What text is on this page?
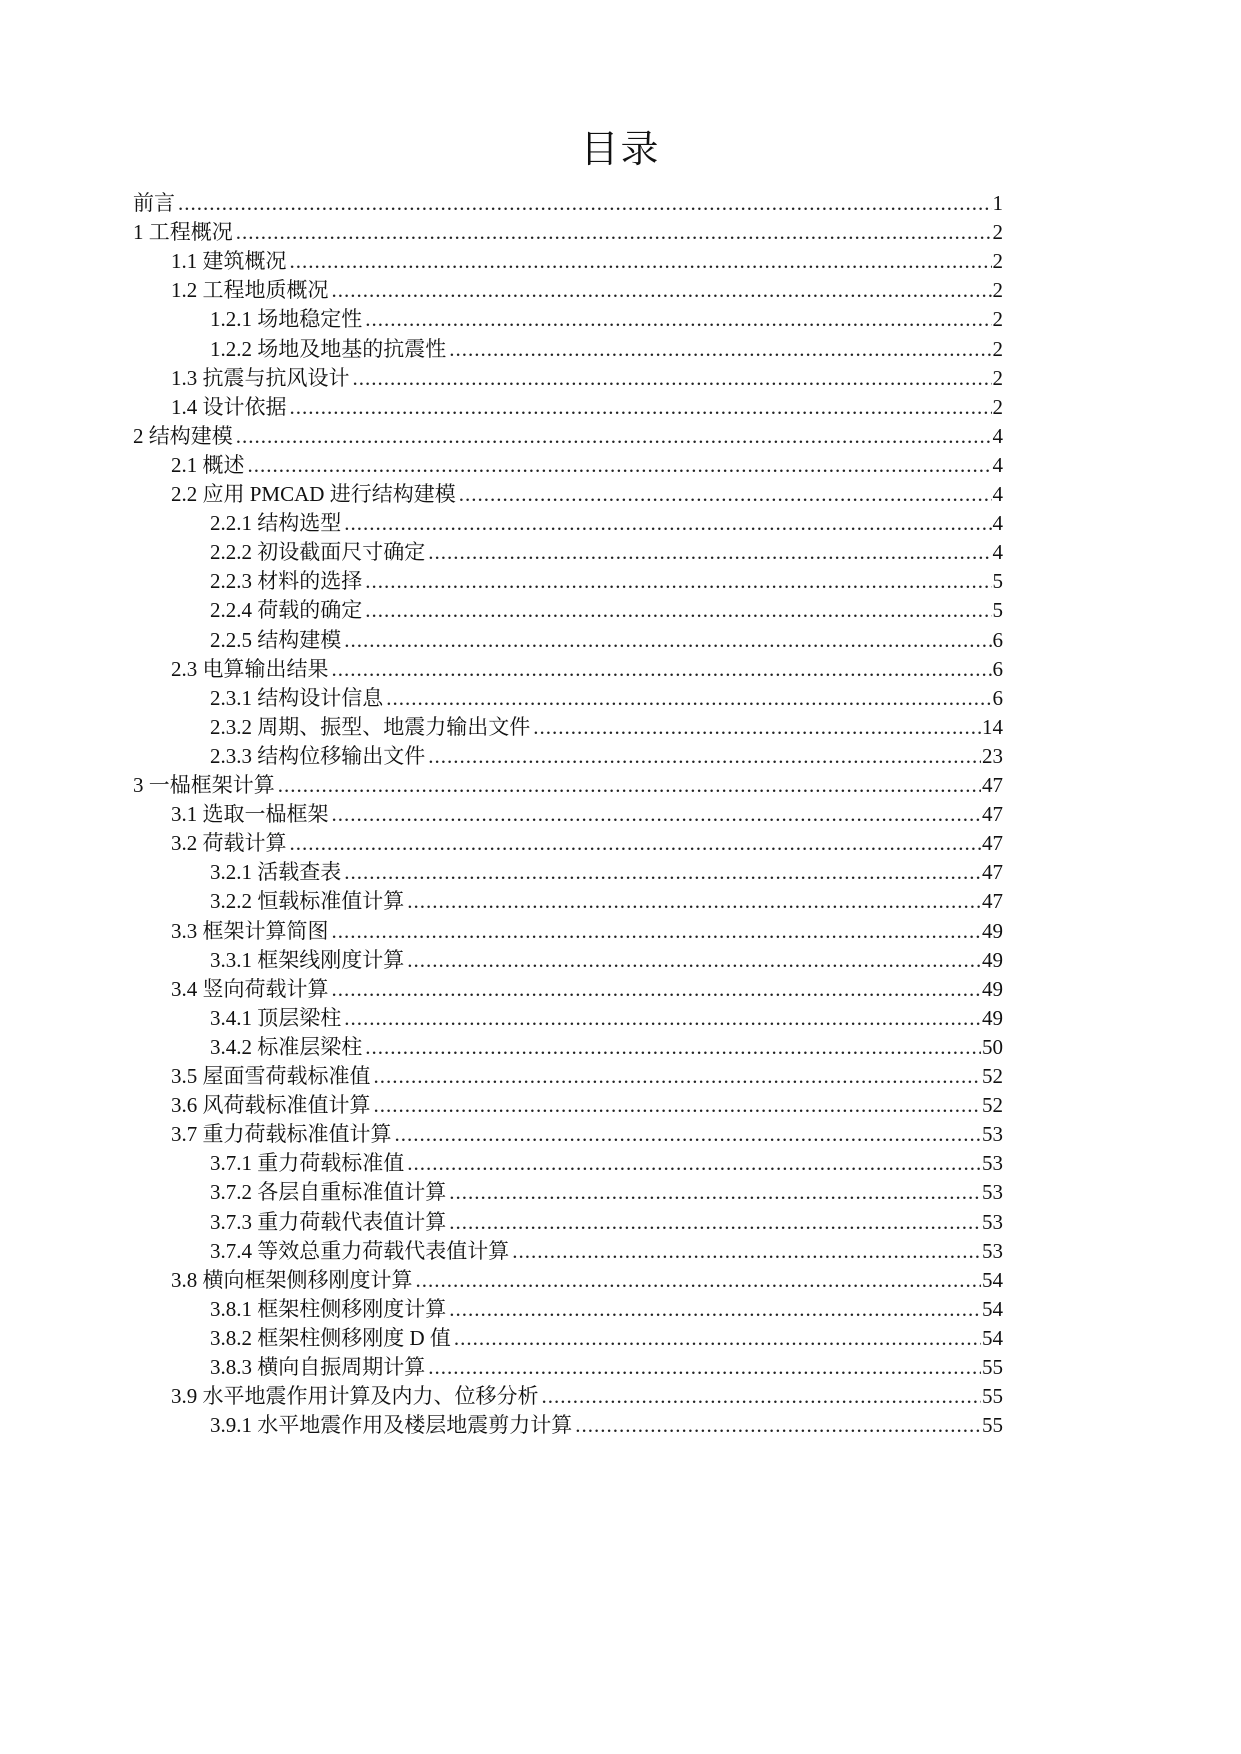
目录
前言 .....	1
1 工程概况 .....	2
1.1 建筑概况 .....	2
1.2 工程地质概况 .....	2
1.2.1 场地稳定性 .....	2
1.2.2 场地及地基的抗震性 .....	2
1.3 抗震与抗风设计 .....	2
1.4 设计依据 .....	2
2 结构建模 .....	4
2.1 概述 .....	4
2.2 应用 PMCAD 进行结构建模 .....	4
2.2.1 结构选型 .....	4
2.2.2 初设截面尺寸确定 .....	4
2.2.3 材料的选择 .....	5
2.2.4 荷载的确定 .....	5
2.2.5 结构建模 .....	6
2.3 电算输出结果 .....	6
2.3.1 结构设计信息 .....	6
2.3.2 周期、振型、地震力输出文件 .....	14
2.3.3 结构位移输出文件 .....	23
3 一榀框架计算 .....	47
3.1 选取一榀框架 .....	47
3.2 荷载计算 .....	47
3.2.1 活载查表 .....	47
3.2.2 恒载标准值计算 .....	47
3.3 框架计算简图 .....	49
3.3.1 框架线刚度计算 .....	49
3.4 竖向荷载计算 .....	49
3.4.1 顶层梁柱 .....	49
3.4.2 标准层梁柱 .....	50
3.5 屋面雪荷载标准值 .....	52
3.6 风荷载标准值计算 .....	52
3.7 重力荷载标准值计算 .....	53
3.7.1 重力荷载标准值 .....	53
3.7.2 各层自重标准值计算 .....	53
3.7.3 重力荷载代表值计算 .....	53
3.7.4 等效总重力荷载代表值计算 .....	53
3.8 横向框架侧移刚度计算 .....	54
3.8.1 框架柱侧移刚度计算 .....	54
3.8.2 框架柱侧移刚度 D 值 .....	54
3.8.3 横向自振周期计算 .....	55
3.9 水平地震作用计算及内力、位移分析 .....	55
3.9.1 水平地震作用及楼层地震剪力计算 .....	55
